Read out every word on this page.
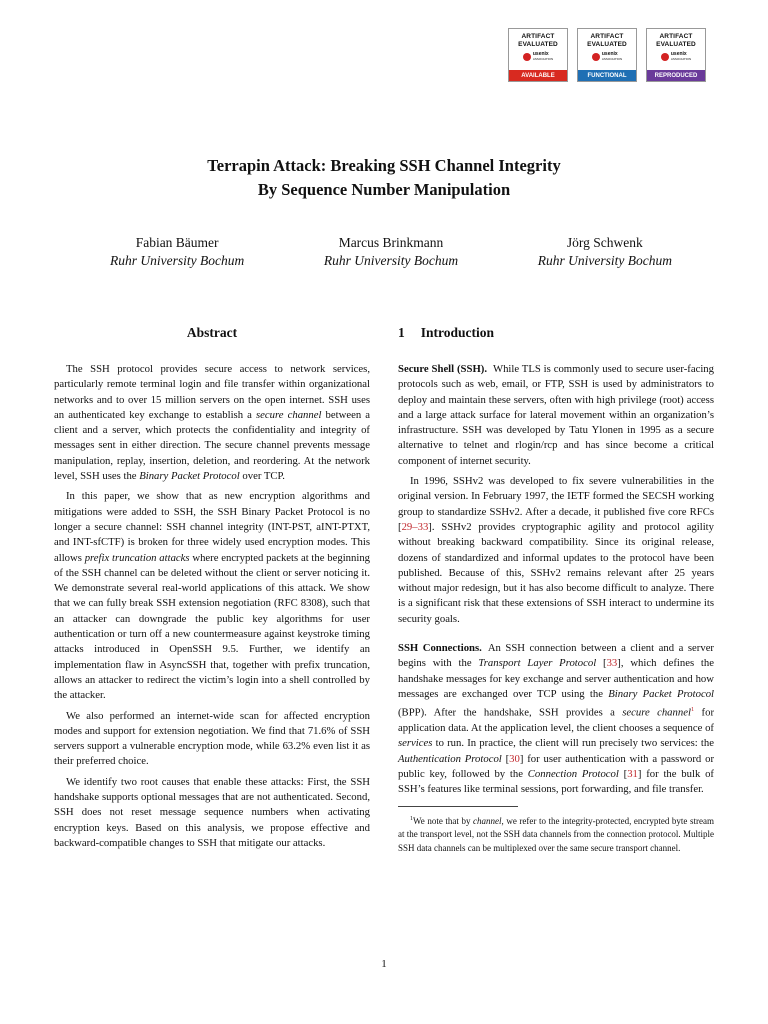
ARTIFACT
EVALUATED
usenix
ASSOCIATION
AVAILABLE
ARTIFACT
EVALUATED
usenix
ASSOCIATION
FUNCTIONAL
ARTIFACT
EVALUATED
usenix
ASSOCIATION
REPRODUCED
Terrapin Attack: Breaking SSH Channel Integrity
By Sequence Number Manipulation
Fabian Bäumer
Ruhr University Bochum
Marcus Brinkmann
Ruhr University Bochum
Jörg Schwenk
Ruhr University Bochum
Abstract

The SSH protocol provides secure access to network services, particularly remote terminal login and file transfer within organizational networks and to over 15 million servers on the open internet. SSH uses an authenticated key exchange to establish a secure channel between a client and a server, which protects the confidentiality and integrity of messages sent in either direction. The secure channel prevents message manipulation, replay, insertion, deletion, and reordering. At the network level, SSH uses the Binary Packet Protocol over TCP.

In this paper, we show that as new encryption algorithms and mitigations were added to SSH, the SSH Binary Packet Protocol is no longer a secure channel: SSH channel integrity (INT-PST, aINT-PTXT, and INT-sfCTF) is broken for three widely used encryption modes. This allows prefix truncation attacks where encrypted packets at the beginning of the SSH channel can be deleted without the client or server noticing it. We demonstrate several real-world applications of this attack. We show that we can fully break SSH extension negotiation (RFC 8308), such that an attacker can downgrade the public key algorithms for user authentication or turn off a new countermeasure against keystroke timing attacks introduced in OpenSSH 9.5. Further, we identify an implementation flaw in AsyncSSH that, together with prefix truncation, allows an attacker to redirect the victim’s login into a shell controlled by the attacker.

We also performed an internet-wide scan for affected encryption modes and support for extension negotiation. We find that 71.6% of SSH servers support a vulnerable encryption mode, while 63.2% even list it as their preferred choice.

We identify two root causes that enable these attacks: First, the SSH handshake supports optional messages that are not authenticated. Second, SSH does not reset message sequence numbers when activating encryption keys. Based on this analysis, we propose effective and backward-compatible changes to SSH that mitigate our attacks.

1 Introduction

Secure Shell (SSH). While TLS is commonly used to secure user-facing protocols such as web, email, or FTP, SSH is used by administrators to deploy and maintain these servers, often with high privilege (root) access and a large attack surface for lateral movement within an organization’s infrastructure. SSH was developed by Tatu Ylonen in 1995 as a secure alternative to telnet and rlogin/rcp and has since become a critical component of internet security.

In 1996, SSHv2 was developed to fix severe vulnerabilities in the original version. In February 1997, the IETF formed the SECSH working group to standardize SSHv2. After a decade, it published five core RFCs [29–33]. SSHv2 provides cryptographic agility and protocol agility without breaking backward compatibility. Since its original release, dozens of standardized and informal updates to the protocol have been published. Because of this, SSHv2 remains relevant after 25 years without major redesign, but it has also become difficult to analyze. There is a significant risk that these extensions of SSH interact to undermine its security goals.

SSH Connections. An SSH connection between a client and a server begins with the Transport Layer Protocol [33], which defines the handshake messages for key exchange and server authentication and how messages are exchanged over TCP using the Binary Packet Protocol (BPP). After the handshake, SSH provides a secure channel$^1$ for application data. At the application level, the client chooses a sequence of services to run. In practice, the client will run precisely two services: the Authentication Protocol [30] for user authentication with a password or public key, followed by the Connection Protocol [31] for the bulk of SSH’s features like terminal sessions, port forwarding, and file transfer.

$^1$We note that by channel, we refer to the integrity-protected, encrypted byte stream at the transport level, not the SSH data channels from the connection protocol. Multiple SSH data channels can be multiplexed over the same secure transport channel.
1
